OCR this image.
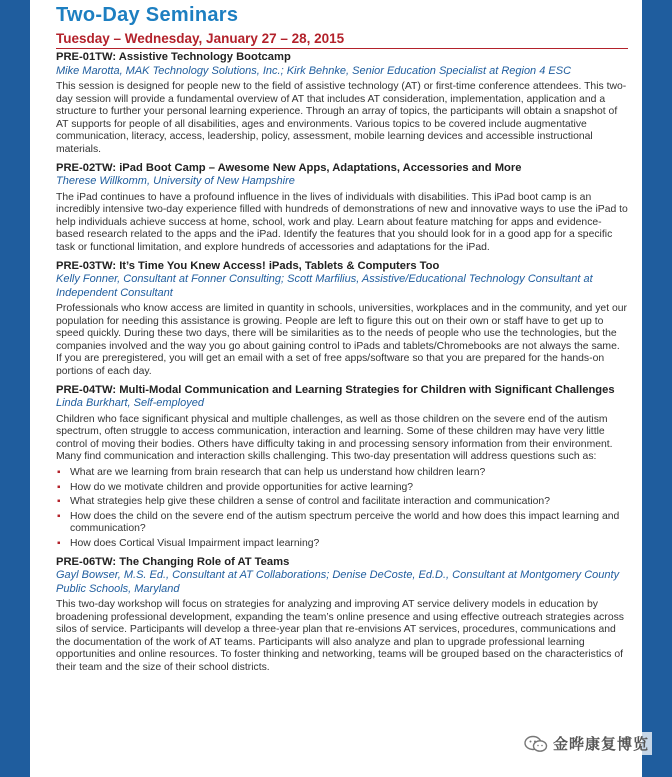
Two-Day Seminars
Tuesday – Wednesday, January 27 – 28, 2015
PRE-01TW: Assistive Technology Bootcamp
Mike Marotta, MAK Technology Solutions, Inc.; Kirk Behnke, Senior Education Specialist at Region 4 ESC
This session is designed for people new to the field of assistive technology (AT) or first-time conference attendees. This two-day session will provide a fundamental overview of AT that includes AT consideration, implementation, application and a structure to further your personal learning experience. Through an array of topics, the participants will obtain a snapshot of AT supports for people of all disabilities, ages and environments. Various topics to be covered include augmentative communication, literacy, access, leadership, policy, assessment, mobile learning devices and accessible instructional materials.
PRE-02TW: iPad Boot Camp – Awesome New Apps, Adaptations, Accessories and More
Therese Willkomm, University of New Hampshire
The iPad continues to have a profound influence in the lives of individuals with disabilities. This iPad boot camp is an incredibly intensive two-day experience filled with hundreds of demonstrations of new and innovative ways to use the iPad to help individuals achieve success at home, school, work and play. Learn about feature matching for apps and evidence-based research related to the apps and the iPad. Identify the features that you should look for in a good app for a specific task or functional limitation, and explore hundreds of accessories and adaptations for the iPad.
PRE-03TW: It’s Time You Knew Access! iPads, Tablets & Computers Too
Kelly Fonner, Consultant at Fonner Consulting; Scott Marfilius, Assistive/Educational Technology Consultant at Independent Consultant
Professionals who know access are limited in quantity in schools, universities, workplaces and in the community, and yet our population for needing this assistance is growing. People are left to figure this out on their own or staff have to get up to speed quickly. During these two days, there will be similarities as to the needs of people who use the technologies, but the companies involved and the way you go about gaining control to iPads and tablets/Chromebooks are not always the same. If you are preregistered, you will get an email with a set of free apps/software so that you are prepared for the hands-on portions of each day.
PRE-04TW: Multi-Modal Communication and Learning Strategies for Children with Significant Challenges
Linda Burkhart, Self-employed
Children who face significant physical and multiple challenges, as well as those children on the severe end of the autism spectrum, often struggle to access communication, interaction and learning. Some of these children may have very little control of moving their bodies. Others have difficulty taking in and processing sensory information from their environment. Many find communication and interaction skills challenging. This two-day presentation will address questions such as:
▪ What are we learning from brain research that can help us understand how children learn?
▪ How do we motivate children and provide opportunities for active learning?
▪ What strategies help give these children a sense of control and facilitate interaction and communication?
▪ How does the child on the severe end of the autism spectrum perceive the world and how does this impact learning and communication?
▪ How does Cortical Visual Impairment impact learning?
PRE-06TW: The Changing Role of AT Teams
Gayl Bowser, M.S. Ed., Consultant at AT Collaborations; Denise DeCoste, Ed.D., Consultant at Montgomery County Public Schools, Maryland
This two-day workshop will focus on strategies for analyzing and improving AT service delivery models in education by broadening professional development, expanding the team’s online presence and using effective outreach strategies across silos of service. Participants will develop a three-year plan that re-envisions AT services, procedures, communications and the documentation of the work of AT teams. Participants will also analyze and plan to upgrade professional learning opportunities and online resources. To foster thinking and networking, teams will be grouped based on the characteristics of their team and the size of their school districts.
金晔康复博览
